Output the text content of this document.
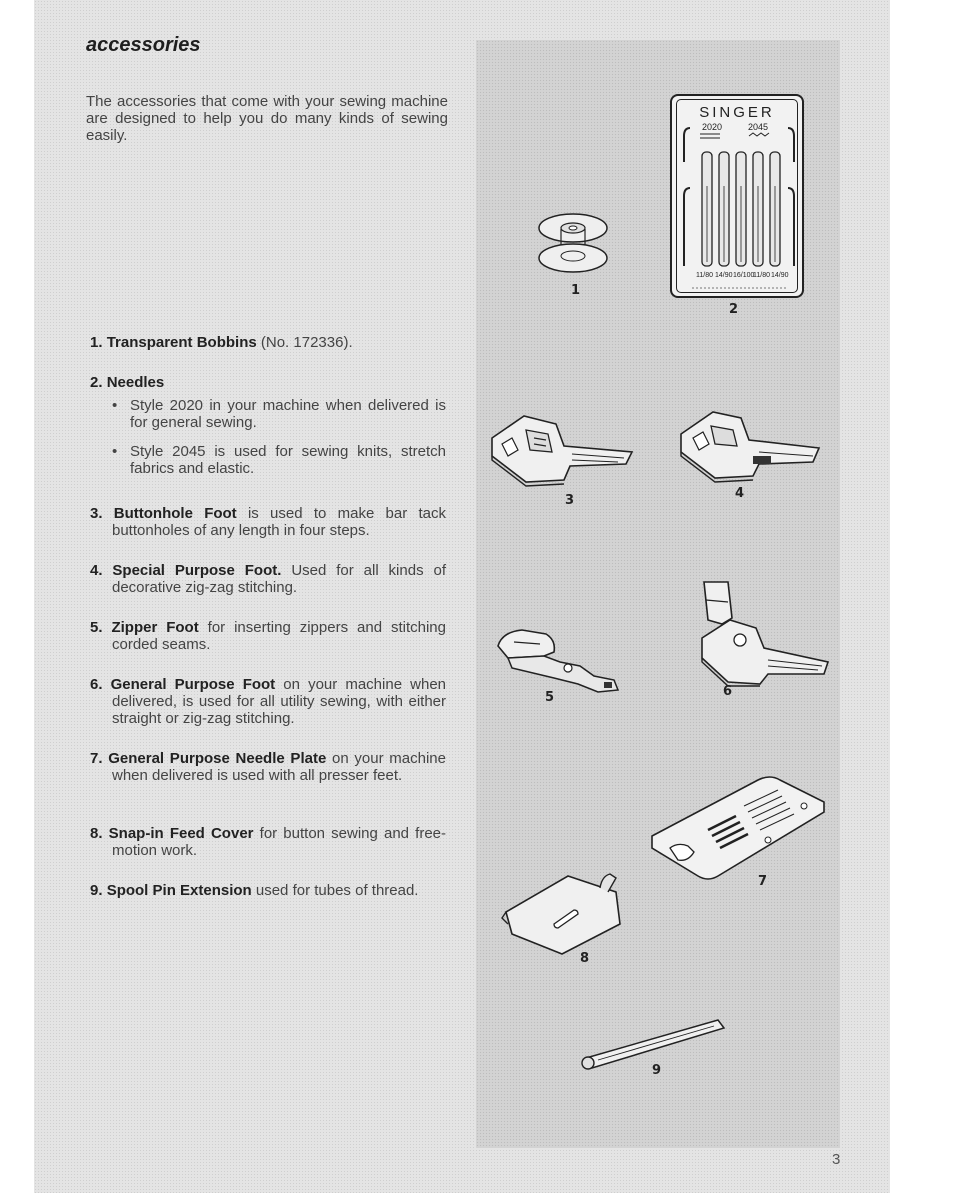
accessories

The accessories that come with your sewing machine are designed to help you do many kinds of sewing easily.

1. Transparent Bobbins (No. 172336).
2. Needles
• Style 2020 in your machine when delivered is for general sewing.
• Style 2045 is used for sewing knits, stretch fabrics and elastic.
3. Buttonhole Foot is used to make bar tack buttonholes of any length in four steps.
4. Special Purpose Foot. Used for all kinds of decorative zig-zag stitching.
5. Zipper Foot for inserting zippers and stitching corded seams.
6. General Purpose Foot on your machine when delivered, is used for all utility sewing, with either straight or zig-zag stitching.
7. General Purpose Needle Plate on your machine when delivered is used with all presser feet.
8. Snap-in Feed Cover for button sewing and free-motion work.
9. Spool Pin Extension used for tubes of thread.
1
SINGER
2020	2045
11/80 14/90 16/100
11/80 14/90
2
3	4
5	6
7
8
9
3
